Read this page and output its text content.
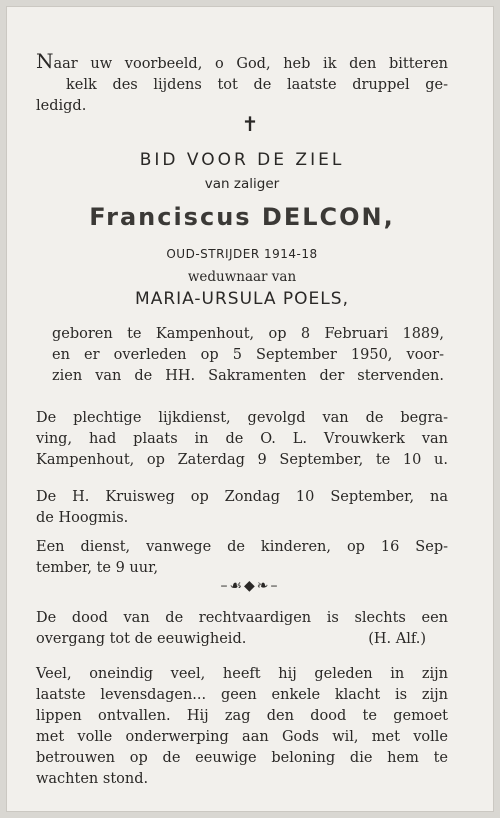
Naar uw voorbeeld, o God, heb ik den bitteren
kelk des lijdens tot de laatste druppel ge-
ledigd.
✝
BID VOOR DE ZIEL
van zaliger
Franciscus DELCON,
OUD-STRIJDER 1914-18
weduwnaar van
MARIA-URSULA POELS,
geboren te Kampenhout, op 8 Februari 1889,
en er overleden op 5 September 1950, voor-
zien van de HH. Sakramenten der stervenden.
De plechtige lijkdienst, gevolgd van de begra-
ving, had plaats in de O. L. Vrouwkerk van
Kampenhout, op Zaterdag 9 September, te 10 u.
De H. Kruisweg op Zondag 10 September, na
de Hoogmis.
Een dienst, vanwege de kinderen, op 16 Sep-
tember, te 9 uur,
–☙◆❧–
De dood van de rechtvaardigen is slechts een
overgang tot de eeuwigheid.	(H. Alf.)
Veel, oneindig veel, heeft hij geleden in zijn
laatste levensdagen... geen enkele klacht is zijn
lippen ontvallen. Hij zag den dood te gemoet
met volle onderwerping aan Gods wil, met volle
betrouwen op de eeuwige beloning die hem te
wachten stond.
